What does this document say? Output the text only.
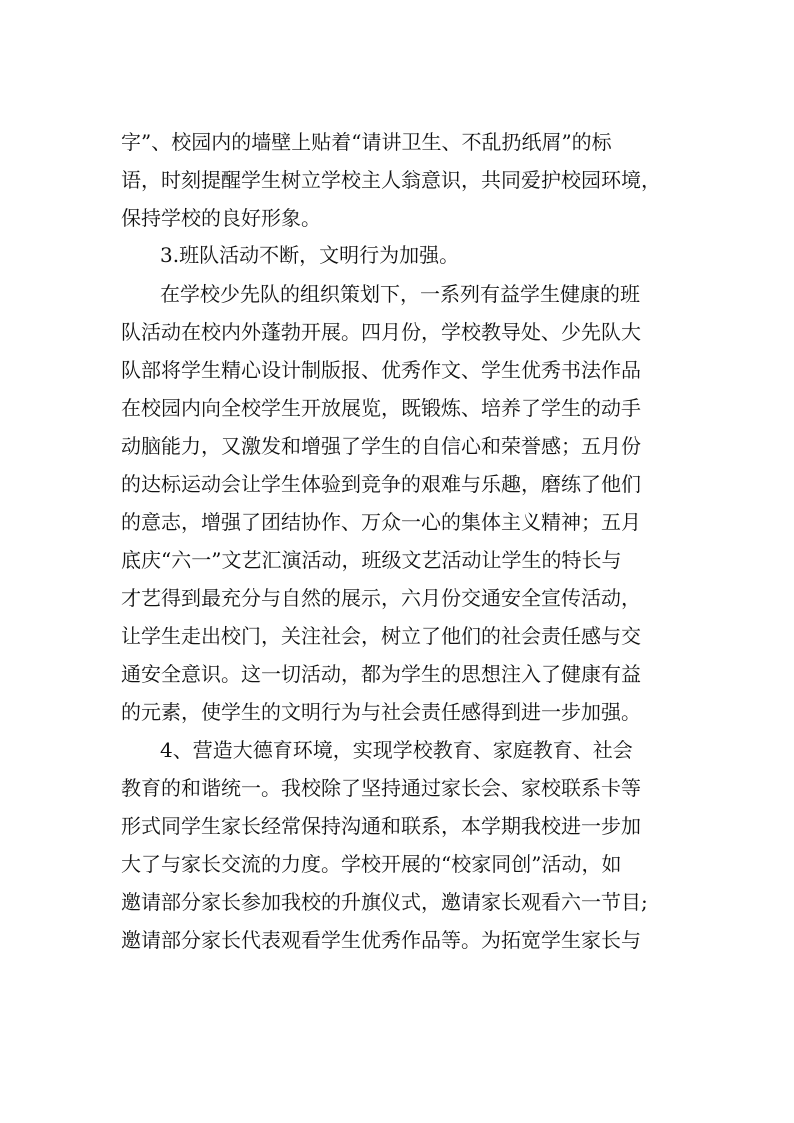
字”、校园内的墙壁上贴着“请讲卫生、不乱扔纸屑”的标
语，时刻提醒学生树立学校主人翁意识，共同爱护校园环境，
保持学校的良好形象。
3.班队活动不断，文明行为加强。
在学校少先队的组织策划下，一系列有益学生健康的班
队活动在校内外蓬勃开展。四月份，学校教导处、少先队大
队部将学生精心设计制版报、优秀作文、学生优秀书法作品
在校园内向全校学生开放展览，既锻炼、培养了学生的动手
动脑能力，又激发和增强了学生的自信心和荣誉感；五月份
的达标运动会让学生体验到竞争的艰难与乐趣，磨练了他们
的意志，增强了团结协作、万众一心的集体主义精神；五月
底庆“六一”文艺汇演活动，班级文艺活动让学生的特长与
才艺得到最充分与自然的展示，六月份交通安全宣传活动，
让学生走出校门，关注社会，树立了他们的社会责任感与交
通安全意识。这一切活动，都为学生的思想注入了健康有益
的元素，使学生的文明行为与社会责任感得到进一步加强。
4、营造大德育环境，实现学校教育、家庭教育、社会
教育的和谐统一。我校除了坚持通过家长会、家校联系卡等
形式同学生家长经常保持沟通和联系，本学期我校进一步加
大了与家长交流的力度。学校开展的“校家同创”活动，如
邀请部分家长参加我校的升旗仪式，邀请家长观看六一节目;
邀请部分家长代表观看学生优秀作品等。为拓宽学生家长与
